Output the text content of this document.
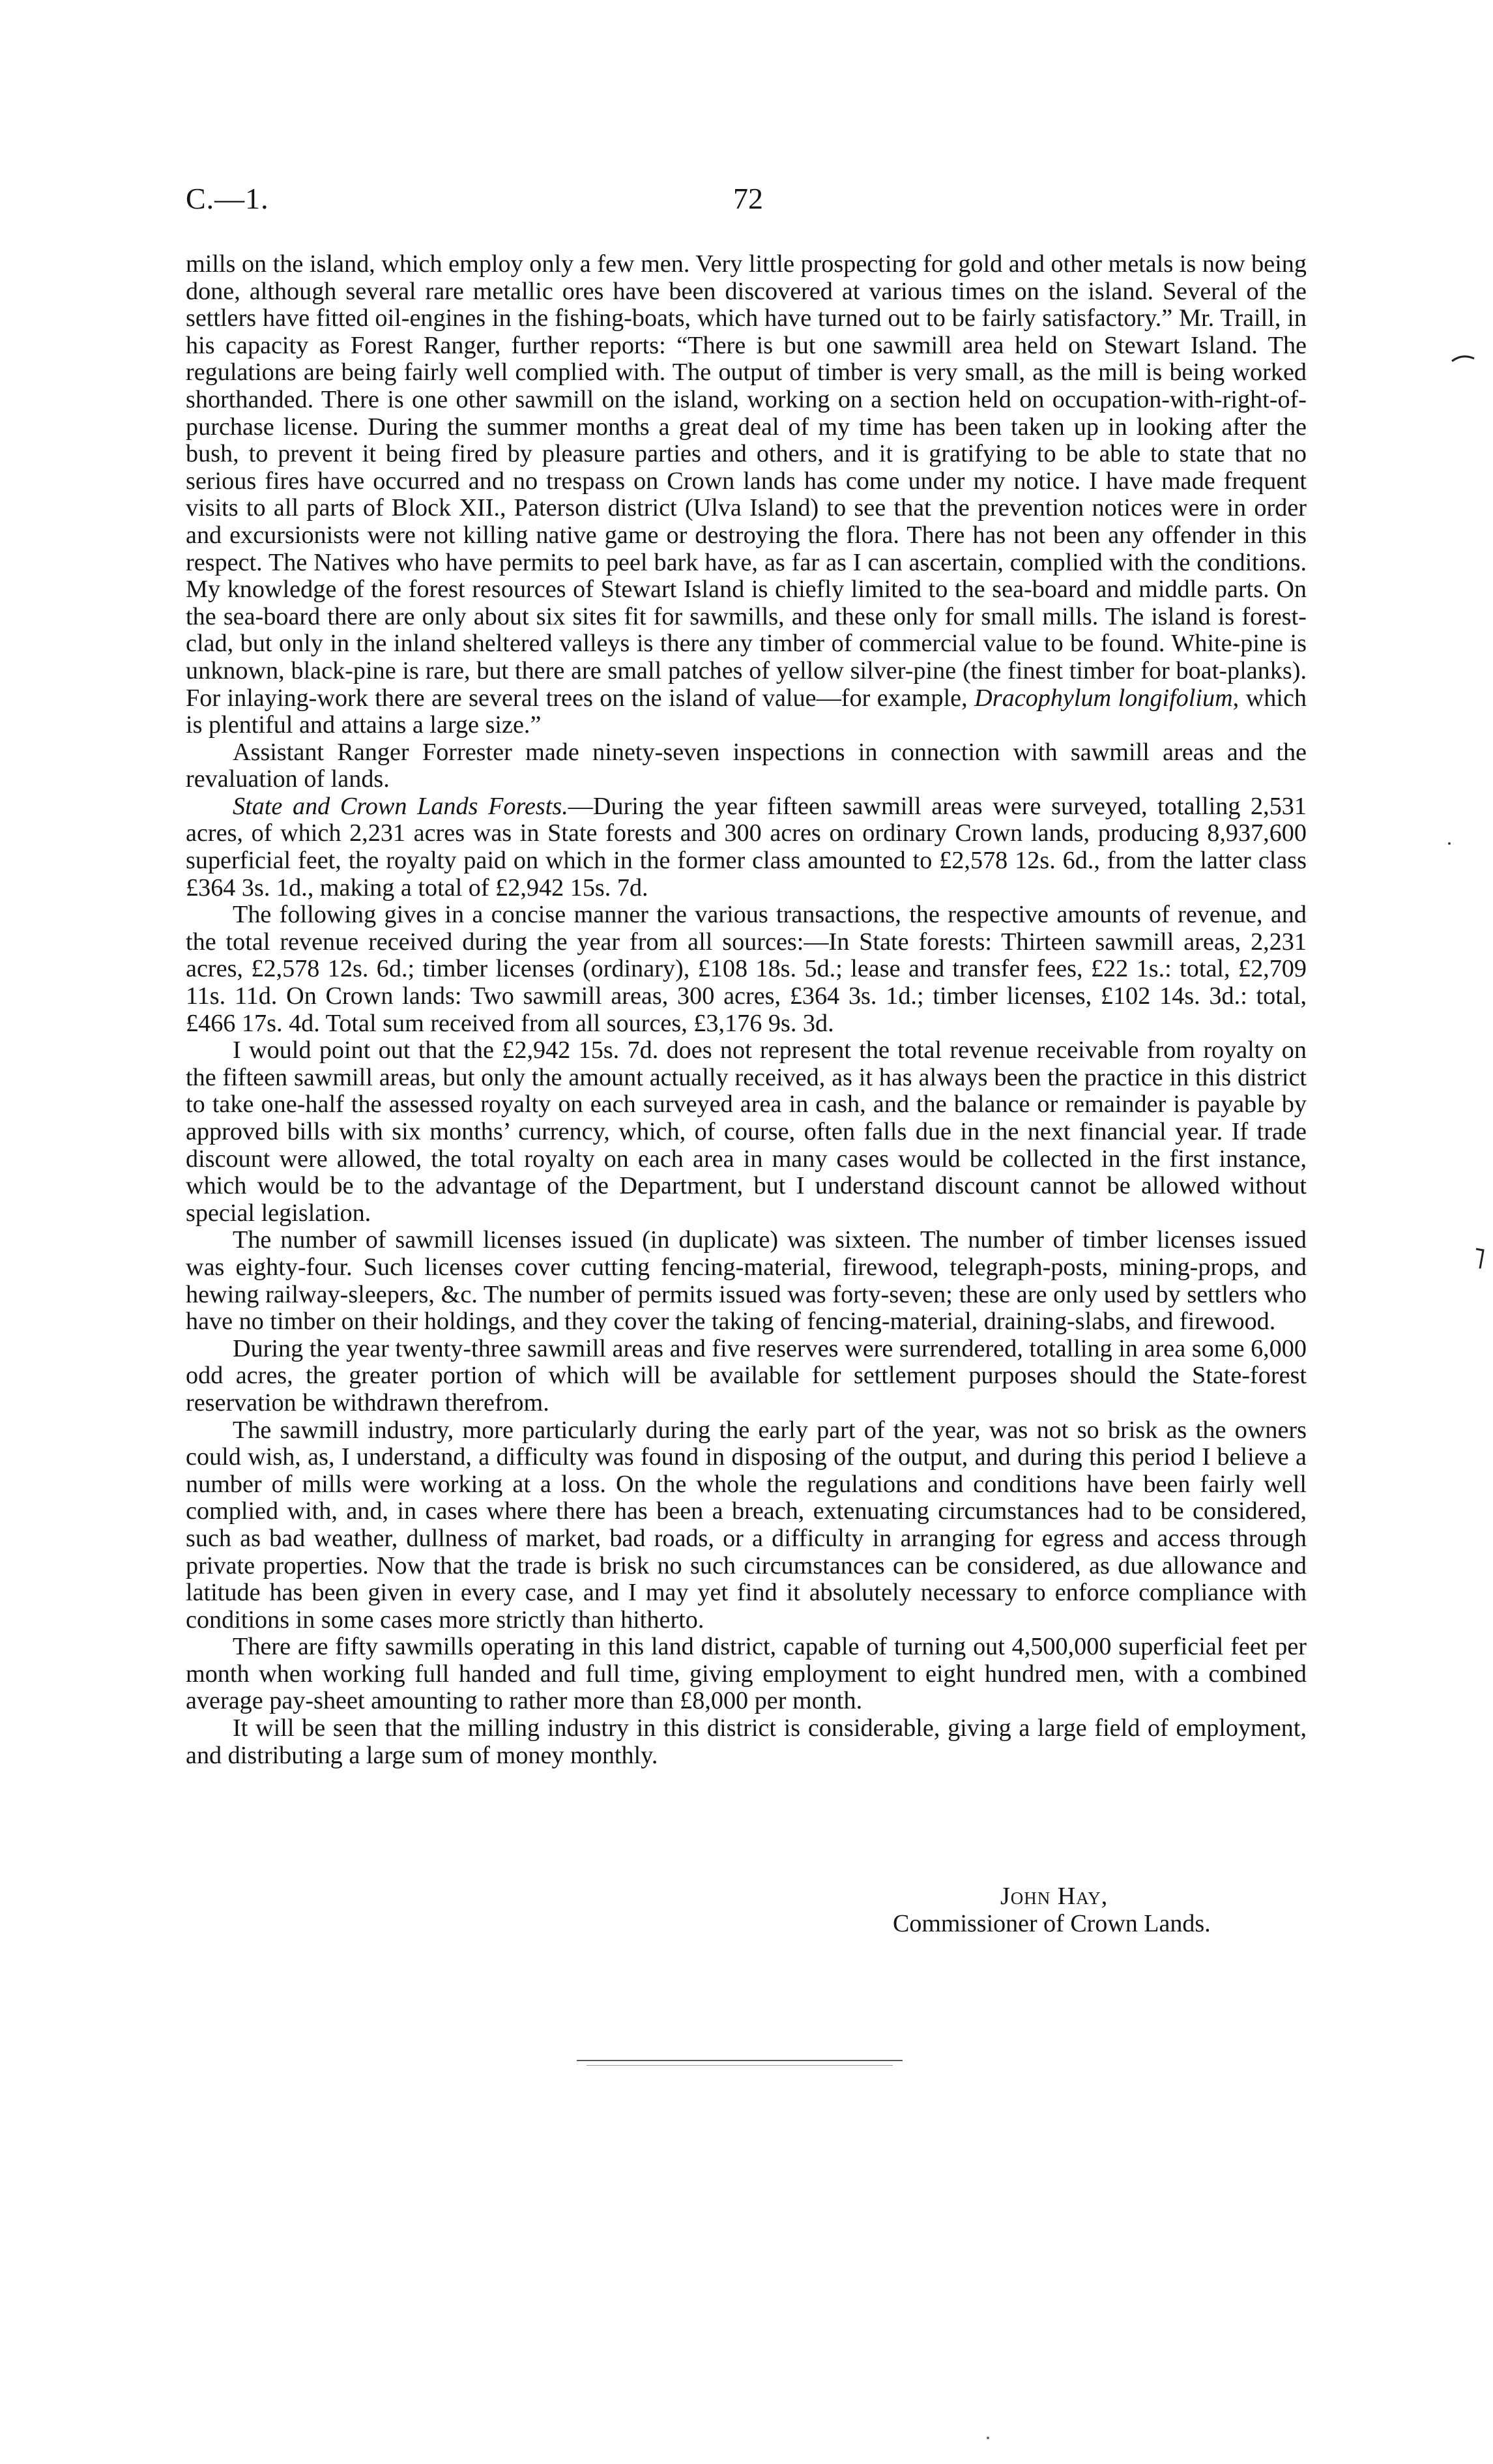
C.—1.	72

mills on the island, which employ only a few men. Very little prospecting for gold and other metals is now being done, although several rare metallic ores have been discovered at various times on the island. Several of the settlers have fitted oil-engines in the fishing-boats, which have turned out to be fairly satisfactory.” Mr. Traill, in his capacity as Forest Ranger, further reports: “There is but one sawmill area held on Stewart Island. The regulations are being fairly well complied with. The output of timber is very small, as the mill is being worked shorthanded. There is one other sawmill on the island, working on a section held on occupation-with-right-of-purchase license. During the summer months a great deal of my time has been taken up in looking after the bush, to prevent it being fired by pleasure parties and others, and it is gratifying to be able to state that no serious fires have occurred and no trespass on Crown lands has come under my notice. I have made frequent visits to all parts of Block XII., Paterson district (Ulva Island) to see that the prevention notices were in order and excursionists were not killing native game or destroying the flora. There has not been any offender in this respect. The Natives who have permits to peel bark have, as far as I can ascertain, complied with the conditions. My knowledge of the forest resources of Stewart Island is chiefly limited to the sea-board and middle parts. On the sea-board there are only about six sites fit for sawmills, and these only for small mills. The island is forest-clad, but only in the inland sheltered valleys is there any timber of commercial value to be found. White-pine is unknown, black-pine is rare, but there are small patches of yellow silver-pine (the finest timber for boat-planks). For inlaying-work there are several trees on the island of value—for example, Dracophylum longifolium, which is plentiful and attains a large size.”

Assistant Ranger Forrester made ninety-seven inspections in connection with sawmill areas and the revaluation of lands.

State and Crown Lands Forests.—During the year fifteen sawmill areas were surveyed, totalling 2,531 acres, of which 2,231 acres was in State forests and 300 acres on ordinary Crown lands, producing 8,937,600 superficial feet, the royalty paid on which in the former class amounted to £2,578 12s. 6d., from the latter class £364 3s. 1d., making a total of £2,942 15s. 7d.

The following gives in a concise manner the various transactions, the respective amounts of revenue, and the total revenue received during the year from all sources:—In State forests: Thirteen sawmill areas, 2,231 acres, £2,578 12s. 6d.; timber licenses (ordinary), £108 18s. 5d.; lease and transfer fees, £22 1s.: total, £2,709 11s. 11d. On Crown lands: Two sawmill areas, 300 acres, £364 3s. 1d.; timber licenses, £102 14s. 3d.: total, £466 17s. 4d. Total sum received from all sources, £3,176 9s. 3d.

I would point out that the £2,942 15s. 7d. does not represent the total revenue receivable from royalty on the fifteen sawmill areas, but only the amount actually received, as it has always been the practice in this district to take one-half the assessed royalty on each surveyed area in cash, and the balance or remainder is payable by approved bills with six months’ currency, which, of course, often falls due in the next financial year. If trade discount were allowed, the total royalty on each area in many cases would be collected in the first instance, which would be to the advantage of the Department, but I understand discount cannot be allowed without special legislation.

The number of sawmill licenses issued (in duplicate) was sixteen. The number of timber licenses issued was eighty-four. Such licenses cover cutting fencing-material, firewood, telegraph-posts, mining-props, and hewing railway-sleepers, &c. The number of permits issued was forty-seven; these are only used by settlers who have no timber on their holdings, and they cover the taking of fencing-material, draining-slabs, and firewood.

During the year twenty-three sawmill areas and five reserves were surrendered, totalling in area some 6,000 odd acres, the greater portion of which will be available for settlement purposes should the State-forest reservation be withdrawn therefrom.

The sawmill industry, more particularly during the early part of the year, was not so brisk as the owners could wish, as, I understand, a difficulty was found in disposing of the output, and during this period I believe a number of mills were working at a loss. On the whole the regulations and conditions have been fairly well complied with, and, in cases where there has been a breach, extenuating circumstances had to be considered, such as bad weather, dullness of market, bad roads, or a difficulty in arranging for egress and access through private properties. Now that the trade is brisk no such circumstances can be considered, as due allowance and latitude has been given in every case, and I may yet find it absolutely necessary to enforce compliance with conditions in some cases more strictly than hitherto.

There are fifty sawmills operating in this land district, capable of turning out 4,500,000 superficial feet per month when working full handed and full time, giving employment to eight hundred men, with a combined average pay-sheet amounting to rather more than £8,000 per month.

It will be seen that the milling industry in this district is considerable, giving a large field of employment, and distributing a large sum of money monthly.

John Hay,
Commissioner of Crown Lands.
